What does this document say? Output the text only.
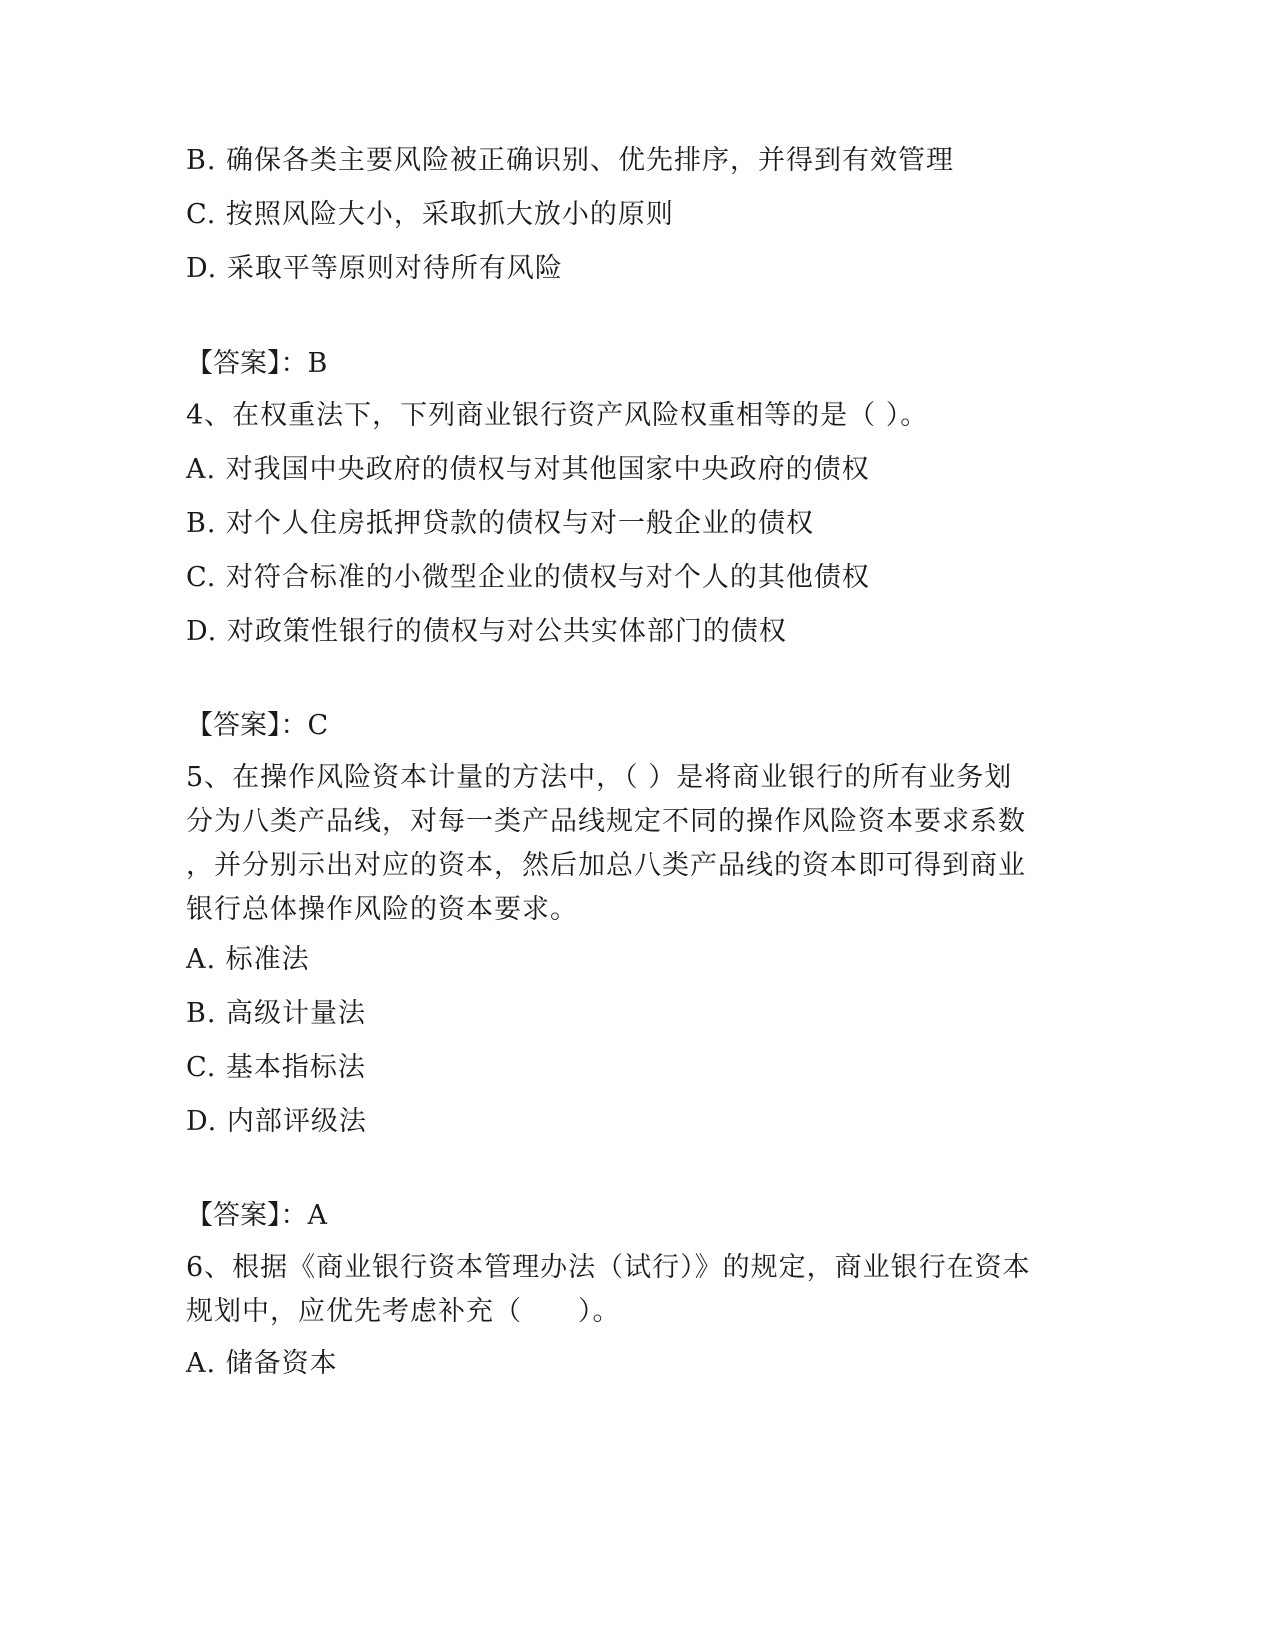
B. 确保各类主要风险被正确识别、优先排序，并得到有效管理
C. 按照风险大小，采取抓大放小的原则
D. 采取平等原则对待所有风险
【答案】：B
4、在权重法下，下列商业银行资产风险权重相等的是（ ）。
A. 对我国中央政府的债权与对其他国家中央政府的债权
B. 对个人住房抵押贷款的债权与对一般企业的债权
C. 对符合标准的小微型企业的债权与对个人的其他债权
D. 对政策性银行的债权与对公共实体部门的债权
【答案】：C
5、在操作风险资本计量的方法中，（ ）是将商业银行的所有业务划
分为八类产品线，对每一类产品线规定不同的操作风险资本要求系数
，并分别示出对应的资本，然后加总八类产品线的资本即可得到商业
银行总体操作风险的资本要求。
A. 标准法
B. 高级计量法
C. 基本指标法
D. 内部评级法
【答案】：A
6、根据《商业银行资本管理办法（试行）》的规定，商业银行在资本
规划中，应优先考虑补充（　　）。
A. 储备资本
